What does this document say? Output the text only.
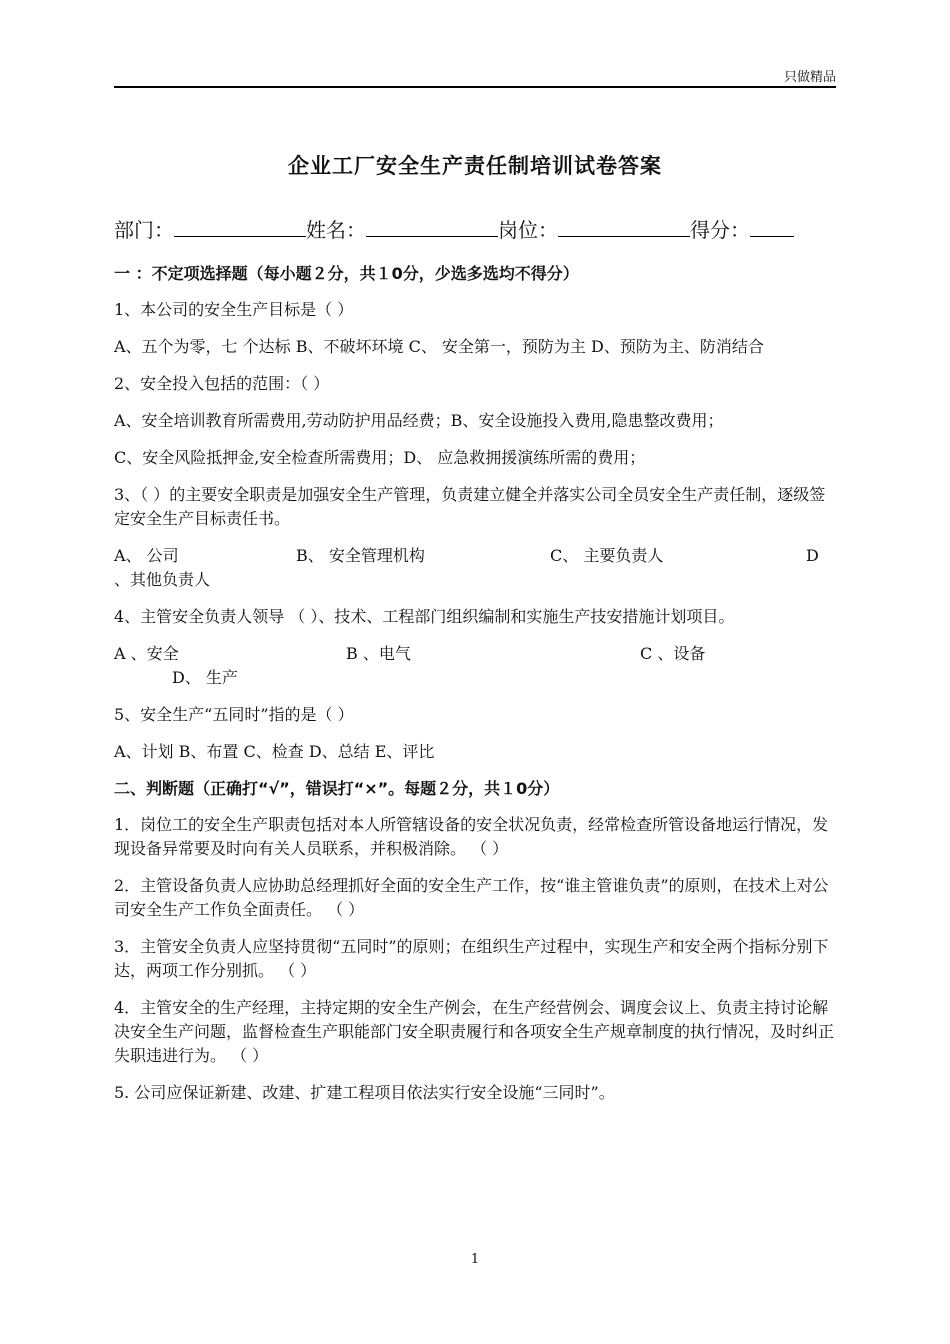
只做精品
企业工厂安全生产责任制培训试卷答案
部门：	姓名：	岗位：	得分：
一 ：不定项选择题（每小题２分，共１0分，少选多选均不得分）
1、本公司的安全生产目标是（ ）
A、五个为零，七 个达标 B、不破坏环境 C、 安全第一，预防为主 D、预防为主、防消结合
2、安全投入包括的范围：（ ）
A、安全培训教育所需费用,劳动防护用品经费；B、安全设施投入费用,隐患整改费用；
C、安全风险抵押金,安全检查所需费用；D、 应急救拥援演练所需的费用；
3、（ ）的主要安全职责是加强安全生产管理，负责建立健全并落实公司全员安全生产责任制，逐级签定安全生产目标责任书。
A、 公司	B、 安全管理机构	C、 主要负责人	D
、其他负责人
4、主管安全负责人领导 （ ）、技术、工程部门组织编制和实施生产技安措施计划项目。
A 、安全	B 、电气	C 、设备
D、 生产
5、安全生产“五同时”指的是（ ）
A、计划 B、布置 C、检查 D、总结 E、评比
二、判断题（正确打“√”，错误打“×”。每题２分，共１0分）
1．岗位工的安全生产职责包括对本人所管辖设备的安全状况负责，经常检查所管设备地运行情况，发现设备异常要及时向有关人员联系，并积极消除。 （ ）
2．主管设备负责人应协助总经理抓好全面的安全生产工作，按“谁主管谁负责”的原则，在技术上对公司安全生产工作负全面责任。 （ ）
3．主管安全负责人应坚持贯彻“五同时”的原则；在组织生产过程中，实现生产和安全两个指标分别下达，两项工作分别抓。 （ ）
4．主管安全的生产经理，主持定期的安全生产例会，在生产经营例会、调度会议上、负责主持讨论解决安全生产问题，监督检查生产职能部门安全职责履行和各项安全生产规章制度的执行情况，及时纠正失职违进行为。 （ ）
5. 公司应保证新建、改建、扩建工程项目依法实行安全设施“三同时”。
1
